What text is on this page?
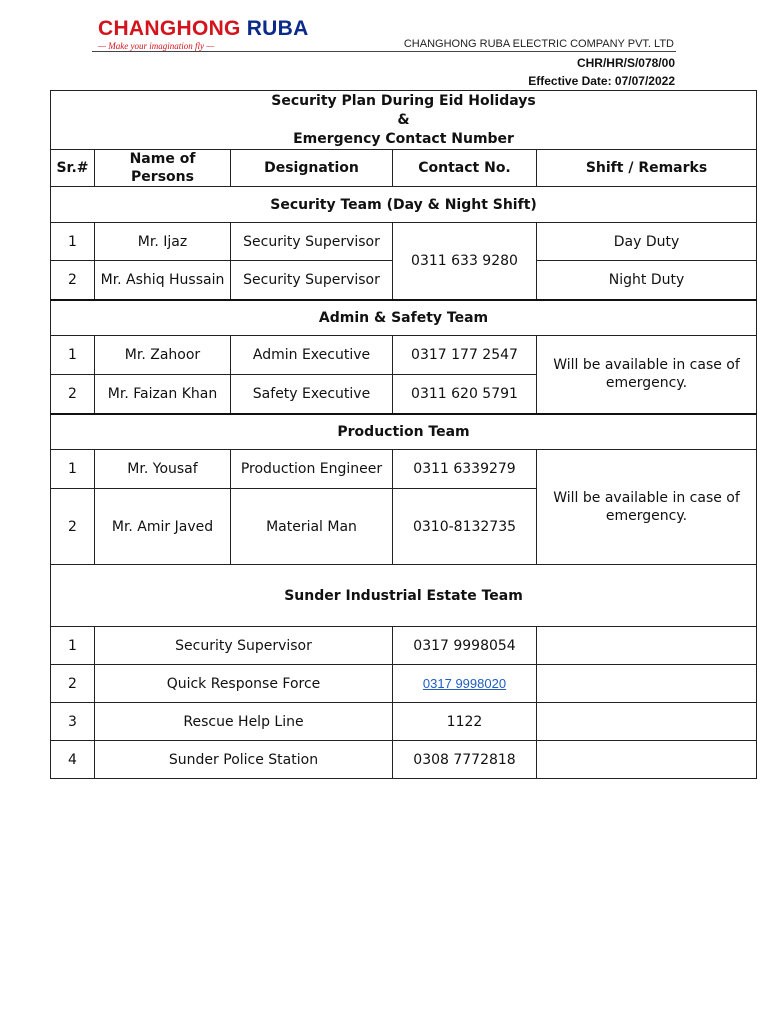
CHANGHONG RUBA
— Make your imagination fly —	CHANGHONG RUBA ELECTRIC COMPANY PVT. LTD
CHR/HR/S/078/00
Effective Date: 07/07/2022
Security Plan During Eid Holidays
&
Emergency Contact Number				

Sr.#	Name of Persons	Designation	Contact No.	Shift / Remarks
Security Team (Day & Night Shift)				
1	Mr. Ijaz	Security Supervisor	0311 633 9280	Day Duty
2	Mr. Ashiq Hussain	Security Supervisor		Night Duty
Admin & Safety Team				
1	Mr. Zahoor	Admin Executive	0317 177 2547	Will be available in case of emergency.
2	Mr. Faizan Khan	Safety Executive	0311 620 5791	
Production Team				
1	Mr. Yousaf	Production Engineer	0311 6339279	Will be available in case of emergency.
2	Mr. Amir Javed	Material Man	0310-8132735	
Sunder Industrial Estate Team				
1	Security Supervisor		0317 9998054	
2	Quick Response Force		0317 9998020	
3	Rescue Help Line		1122	
4	Sunder Police Station		0308 7772818	
